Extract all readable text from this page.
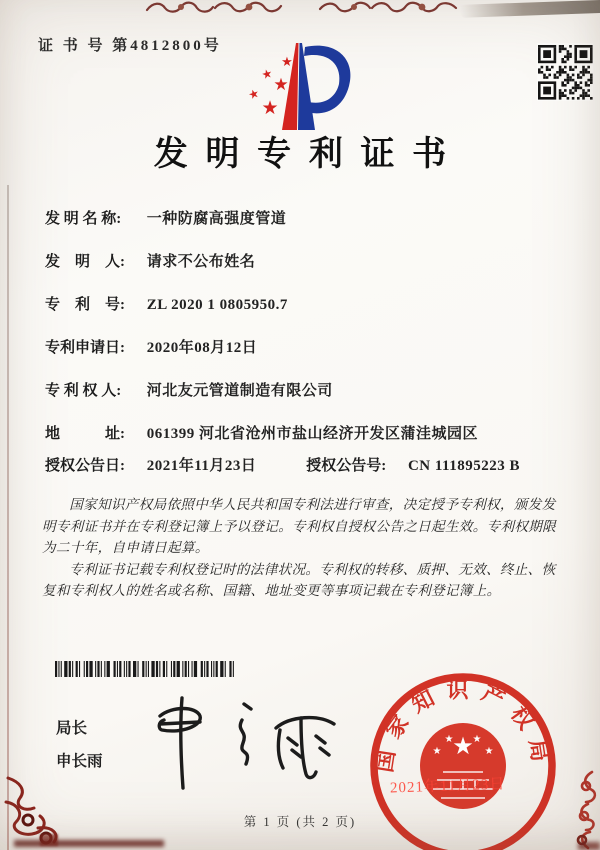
证 书 号 第4812800号
★
★
★
★
★
发明专利证书
发 明 名 称: 一种防腐高强度管道
发　明　人: 请求不公布姓名
专　利　号: ZL 2020 1 0805950.7
专利申请日: 2020年08月12日
专 利 权 人: 河北友元管道制造有限公司
地　　　址: 061399 河北省沧州市盐山经济开发区蒲洼城园区
授权公告日: 2021年11月23日	授权公告号: CN 111895223 B

国家知识产权局依照中华人民共和国专利法进行审查，决定授予专利权，颁发发明专利证书并在专利登记簿上予以登记。专利权自授权公告之日起生效。专利权期限为二十年，自申请日起算。

专利证书记载专利权登记时的法律状况。专利权的转移、质押、无效、终止、恢复和专利权人的姓名或名称、国籍、地址变更等事项记载在专利登记簿上。

局长
申长雨	国家知识产权局
★
★
★ ★
★
2021年11月23日
第 1 页 (共 2 页)
